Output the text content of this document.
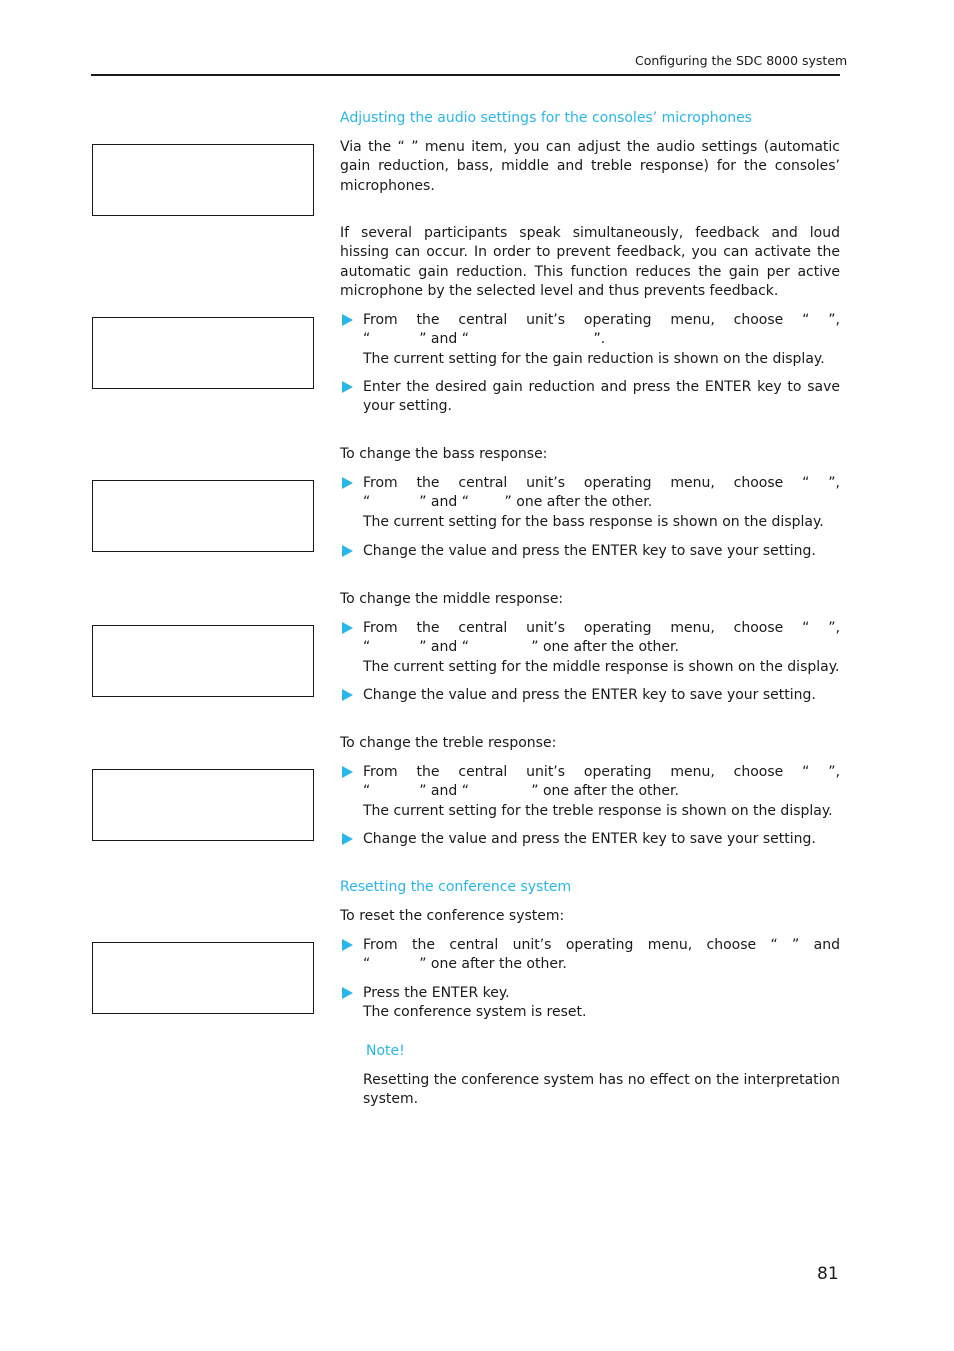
Configuring the SDC 8000 system
Adjusting the audio settings for the consoles’ microphones
Via the “ ” menu item, you can adjust the audio settings (automatic gain reduction, bass, middle and treble response) for the consoles’ microphones.
If several participants speak simultaneously, feedback and loud hissing can occur. In order to prevent feedback, you can activate the automatic gain reduction. This function reduces the gain per active microphone by the selected level and thus prevents feedback.
From the central unit’s operating menu, choose “ ”,
“           ” and “                            ”.
The current setting for the gain reduction is shown on the display.
Enter the desired gain reduction and press the ENTER key to save your setting.
To change the bass response:
From the central unit’s operating menu, choose “ ”,
“           ” and “        ” one after the other.
The current setting for the bass response is shown on the display.
Change the value and press the ENTER key to save your setting.
To change the middle response:
From the central unit’s operating menu, choose “ ”,
“           ” and “              ” one after the other.
The current setting for the middle response is shown on the display.
Change the value and press the ENTER key to save your setting.
To change the treble response:
From the central unit’s operating menu, choose “ ”,
“           ” and “              ” one after the other.
The current setting for the treble response is shown on the display.
Change the value and press the ENTER key to save your setting.
Resetting the conference system
To reset the conference system:
From the central unit’s operating menu, choose “ ” and
“           ” one after the other.
Press the ENTER key.
The conference system is reset.
Note!
Resetting the conference system has no effect on the interpretation system.
81
